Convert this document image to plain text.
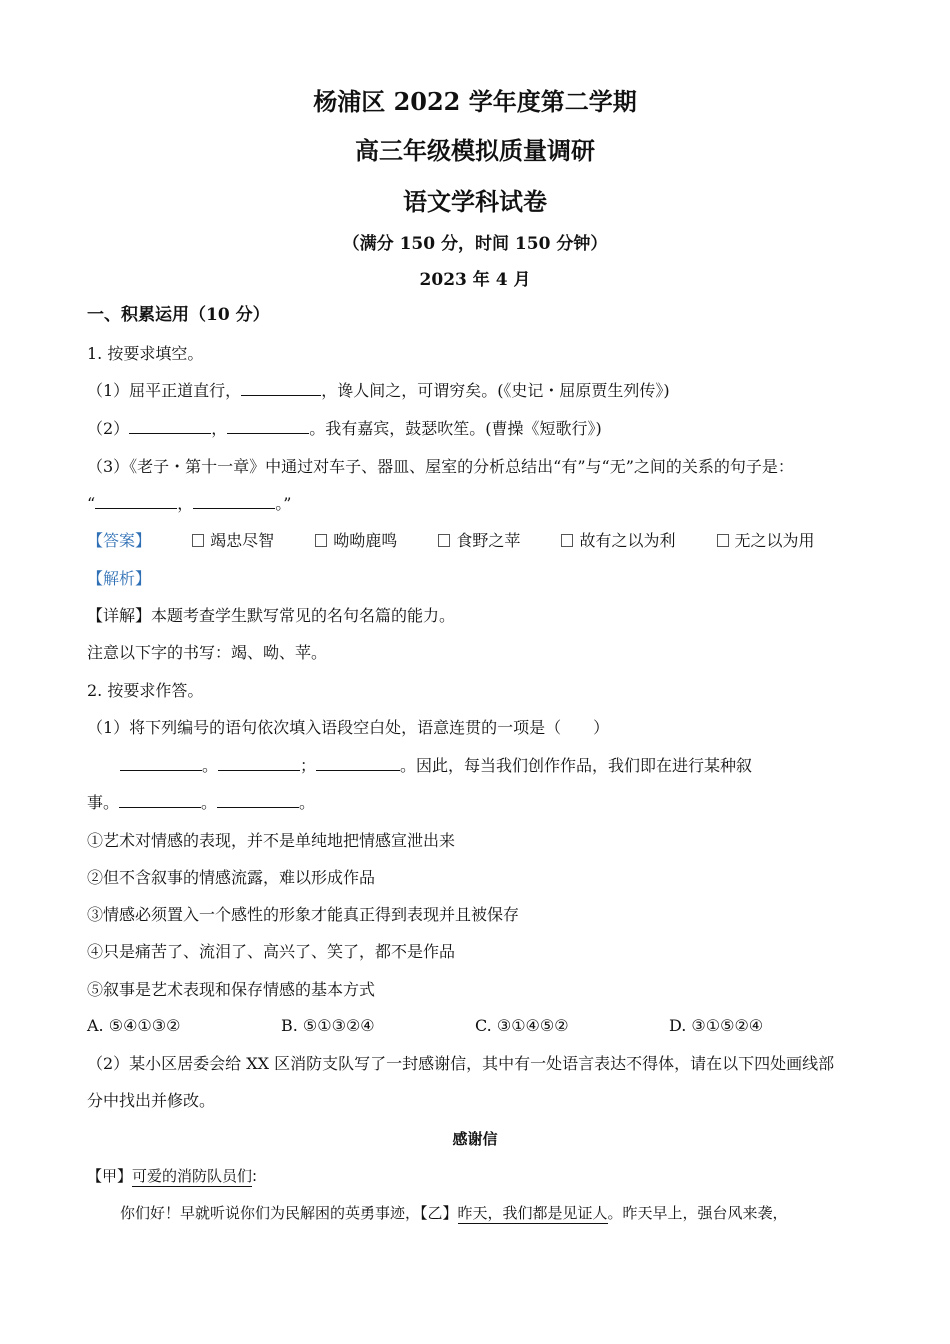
杨浦区 2022 学年度第二学期
高三年级模拟质量调研
语文学科试卷
（满分 150 分，时间 150 分钟）
2023 年 4 月
一、积累运用（10 分）
1. 按要求填空。
（1）屈平正道直行，	，谗人间之，可谓穷矣。(《史记・屈原贾生列传》)
（2）	，	。我有嘉宾，鼓瑟吹笙。(曹操《短歌行》)
（3）《老子・第十一章》中通过对车子、器皿、屋室的分析总结出“有”与“无”之间的关系的句子是：
“	，	。”
【答案】	竭忠尽智	呦呦鹿鸣	食野之苹	故有之以为利	无之以为用
【解析】
【详解】本题考查学生默写常见的名句名篇的能力。
注意以下字的书写：竭、呦、苹。
2. 按要求作答。
（1）将下列编号的语句依次填入语段空白处，语意连贯的一项是（　　）
。	；	。因此，每当我们创作作品，我们即在进行某种叙
事。	。	。
①艺术对情感的表现，并不是单纯地把情感宣泄出来
②但不含叙事的情感流露，难以形成作品
③情感必须置入一个感性的形象才能真正得到表现并且被保存
④只是痛苦了、流泪了、高兴了、笑了，都不是作品
⑤叙事是艺术表现和保存情感的基本方式
A. ⑤④①③②	B. ⑤①③②④	C. ③①④⑤②	D. ③①⑤②④
（2）某小区居委会给 XX 区消防支队写了一封感谢信，其中有一处语言表达不得体，请在以下四处画线部
分中找出并修改。
感谢信
【甲】可爱的消防队员们:
你们好！早就听说你们为民解困的英勇事迹，【乙】昨天，我们都是见证人。昨天早上，强台风来袭，
